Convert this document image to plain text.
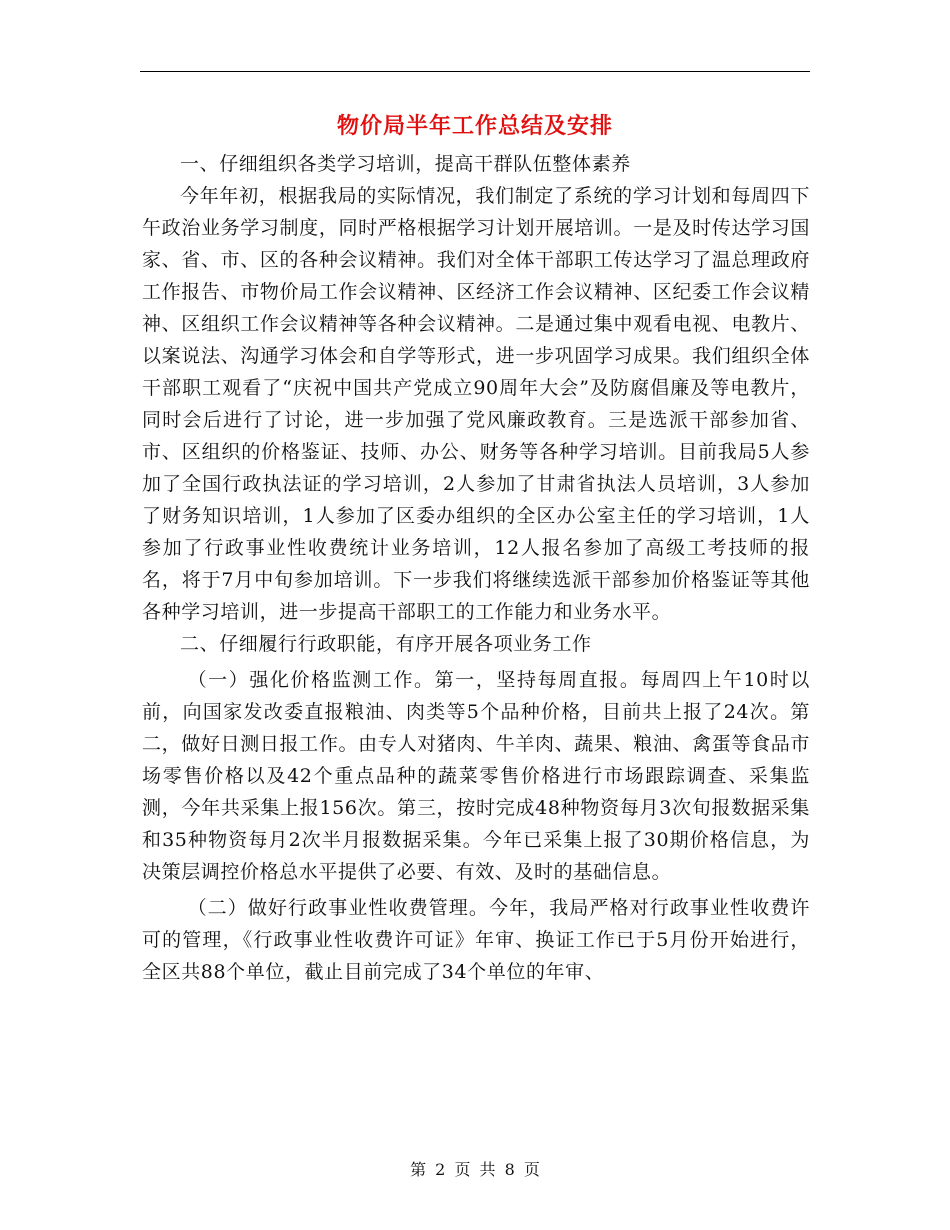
物价局半年工作总结及安排

一、仔细组织各类学习培训，提高干群队伍整体素养

今年年初，根据我局的实际情况，我们制定了系统的学习计划和每周四下午政治业务学习制度，同时严格根据学习计划开展培训。一是及时传达学习国家、省、市、区的各种会议精神。我们对全体干部职工传达学习了温总理政府工作报告、市物价局工作会议精神、区经济工作会议精神、区纪委工作会议精神、区组织工作会议精神等各种会议精神。二是通过集中观看电视、电教片、以案说法、沟通学习体会和自学等形式，进一步巩固学习成果。我们组织全体干部职工观看了“庆祝中国共产党成立90周年大会”及防腐倡廉及等电教片，同时会后进行了讨论，进一步加强了党风廉政教育。三是选派干部参加省、市、区组织的价格鉴证、技师、办公、财务等各种学习培训。目前我局5人参加了全国行政执法证的学习培训，2人参加了甘肃省执法人员培训，3人参加了财务知识培训，1人参加了区委办组织的全区办公室主任的学习培训，1人参加了行政事业性收费统计业务培训，12人报名参加了高级工考技师的报名，将于7月中旬参加培训。下一步我们将继续选派干部参加价格鉴证等其他各种学习培训，进一步提高干部职工的工作能力和业务水平。

二、仔细履行行政职能，有序开展各项业务工作

（一）强化价格监测工作。第一，坚持每周直报。每周四上午10时以前，向国家发改委直报粮油、肉类等5个品种价格，目前共上报了24次。第二，做好日测日报工作。由专人对猪肉、牛羊肉、蔬果、粮油、禽蛋等食品市场零售价格以及42个重点品种的蔬菜零售价格进行市场跟踪调查、采集监测，今年共采集上报156次。第三，按时完成48种物资每月3次旬报数据采集和35种物资每月2次半月报数据采集。今年已采集上报了30期价格信息，为决策层调控价格总水平提供了必要、有效、及时的基础信息。

（二）做好行政事业性收费管理。今年，我局严格对行政事业性收费许可的管理，《行政事业性收费许可证》年审、换证工作已于5月份开始进行，全区共88个单位，截止目前完成了34个单位的年审、

第 2 页 共 8 页
